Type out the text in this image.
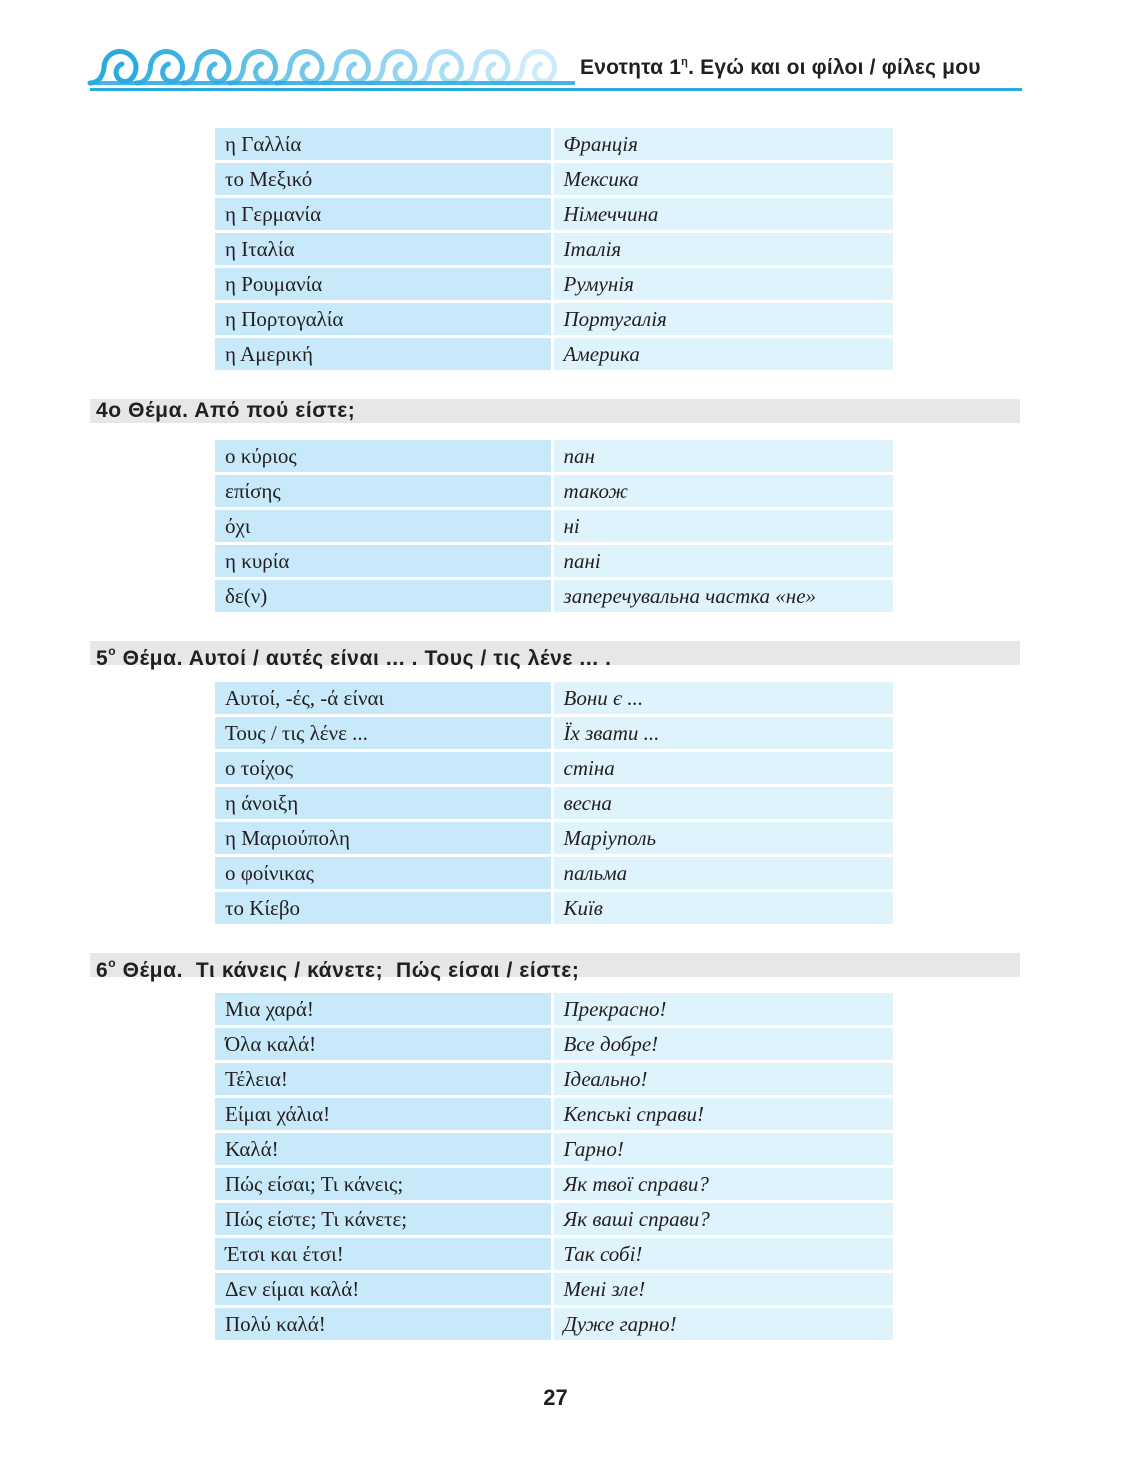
Ενοτητα $1^\eta$. Εγώ και οι φίλοι / φίλες μου
η Γαλλία	Франція
το Μεξικό	Мексика
η Γερμανία	Німеччина
η Ιταλία	Італія
η Ρουμανία	Румунія
η Πορτογαλία	Португалія
η Αμερική	Америка
4ο Θέμα. Από πού είστε;
ο κύριος	пан
επίσης	також
όχι	ні
η κυρία	пані
δε(ν)	заперечувальна частка «не»
$5^o$ Θέμα. Αυτοί / αυτές είναι ... . Τους / τις λένε ... .
Αυτοί, -ές, -ά είναι	Вони є ...
Τους / τις λένε ...	Їх звати ...
ο τοίχος	стіна
η άνοιξη	весна
η Μαριούπολη	Маріуполь
ο φοίνικας	пальма
το Κίεβο	Київ
$6^o$ Θέμα.  Τι κάνεις / κάνετε;  Πώς είσαι / είστε;
Μια χαρά!	Прекрасно!
Όλα καλά!	Все добре!
Τέλεια!	Ідеально!
Είμαι χάλια!	Кепські справи!
Καλά!	Гарно!
Πώς είσαι; Τι κάνεις;	Як твої справи?
Πώς είστε; Τι κάνετε;	Як ваші справи?
Έτσι και έτσι!	Так собі!
Δεν είμαι καλά!	Мені зле!
Πολύ καλά!	Дуже гарно!
27
